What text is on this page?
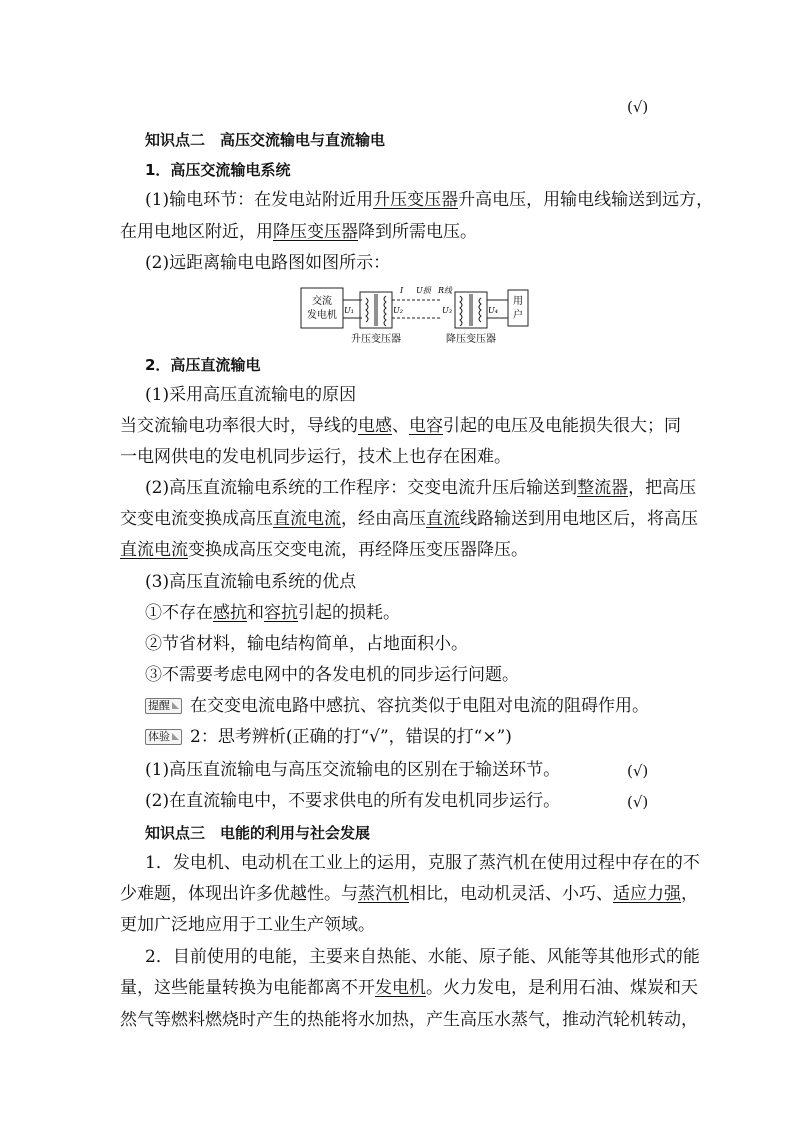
(√)
知识点二　高压交流输电与直流输电
1．高压交流输电系统
(1)输电环节：在发电站附近用升压变压器升高电压，用输电线输送到远方，
在用电地区附近，用降压变压器降到所需电压。
(2)远距离输电电路图如图所示：
交流
发电机 U₁	U₂
I U损 R线
U₃	U₄
用
户
升压变压器	降压变压器
2．高压直流输电
(1)采用高压直流输电的原因
当交流输电功率很大时，导线的电感、电容引起的电压及电能损失很大；同
一电网供电的发电机同步运行，技术上也存在困难。
(2)高压直流输电系统的工作程序：交变电流升压后输送到整流器，把高压
交变电流变换成高压直流电流，经由高压直流线路输送到用电地区后，将高压
直流电流变换成高压交变电流，再经降压变压器降压。
(3)高压直流输电系统的优点
①不存在感抗和容抗引起的损耗。
②节省材料，输电结构简单，占地面积小。
③不需要考虑电网中的各发电机的同步运行问题。
提醒 在交变电流电路中感抗、容抗类似于电阻对电流的阻碍作用。
体验 2：思考辨析(正确的打“√”，错误的打“×”)
(1)高压直流输电与高压交流输电的区别在于输送环节。	(√)
(2)在直流输电中，不要求供电的所有发电机同步运行。	(√)
知识点三　电能的利用与社会发展
1．发电机、电动机在工业上的运用，克服了蒸汽机在使用过程中存在的不
少难题，体现出许多优越性。与蒸汽机相比，电动机灵活、小巧、适应力强，
更加广泛地应用于工业生产领域。
2．目前使用的电能，主要来自热能、水能、原子能、风能等其他形式的能
量，这些能量转换为电能都离不开发电机。火力发电，是利用石油、煤炭和天
然气等燃料燃烧时产生的热能将水加热，产生高压水蒸气，推动汽轮机转动，
